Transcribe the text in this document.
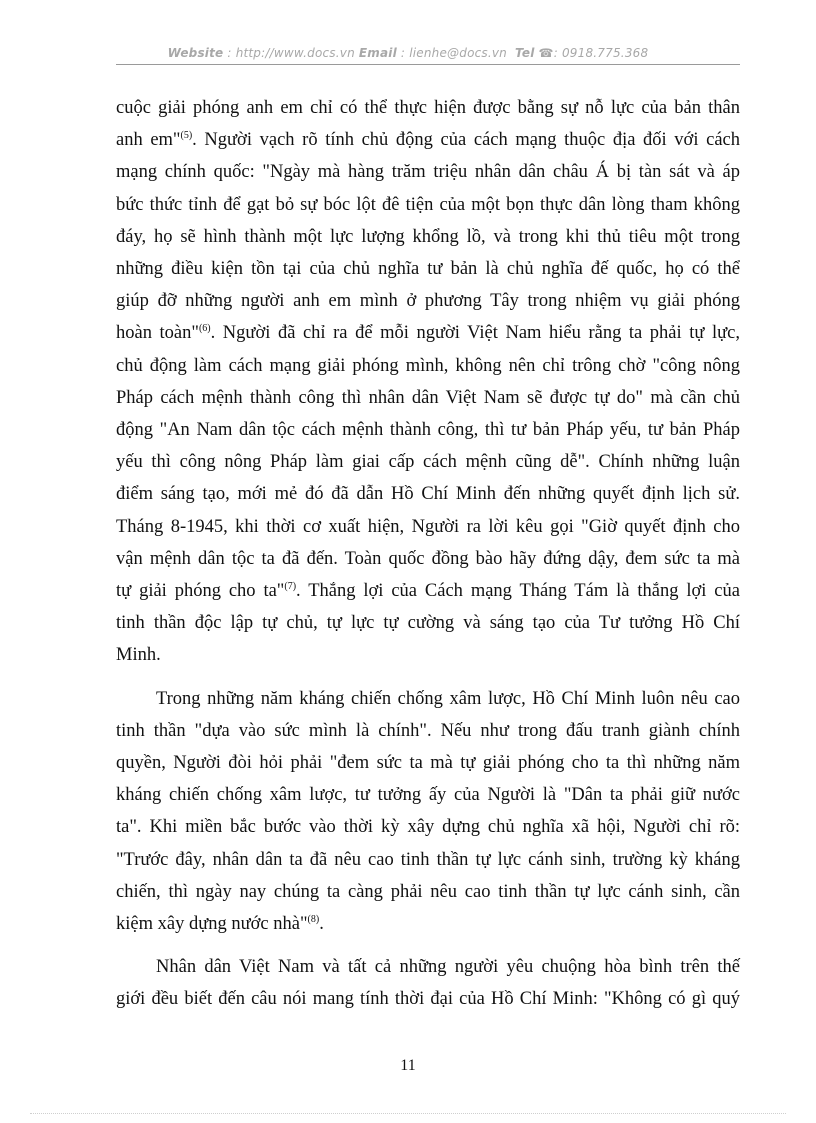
Website : http://www.docs.vn Email : lienhe@docs.vn Tel ☎: 0918.775.368

cuộc giải phóng anh em chỉ có thể thực hiện được bằng sự nỗ lực của bản thân
anh em"$^{(5)}$. Người vạch rõ tính chủ động của cách mạng thuộc địa đối với cách
mạng chính quốc: "Ngày mà hàng trăm triệu nhân dân châu Á bị tàn sát và áp
bức thức tỉnh để gạt bỏ sự bóc lột đê tiện của một bọn thực dân lòng tham không
đáy, họ sẽ hình thành một lực lượng khổng lồ, và trong khi thủ tiêu một trong
những điều kiện tồn tại của chủ nghĩa tư bản là chủ nghĩa đế quốc, họ có thể
giúp đỡ những người anh em mình ở phương Tây trong nhiệm vụ giải phóng
hoàn toàn"$^{(6)}$. Người đã chỉ ra để mỗi người Việt Nam hiểu rằng ta phải tự lực,
chủ động làm cách mạng giải phóng mình, không nên chỉ trông chờ "công nông
Pháp cách mệnh thành công thì nhân dân Việt Nam sẽ được tự do" mà cần chủ
động "An Nam dân tộc cách mệnh thành công, thì tư bản Pháp yếu, tư bản Pháp
yếu thì công nông Pháp làm giai cấp cách mệnh cũng dễ". Chính những luận
điểm sáng tạo, mới mẻ đó đã dẫn Hồ Chí Minh đến những quyết định lịch sử.
Tháng 8-1945, khi thời cơ xuất hiện, Người ra lời kêu gọi "Giờ quyết định cho
vận mệnh dân tộc ta đã đến. Toàn quốc đồng bào hãy đứng dậy, đem sức ta mà
tự giải phóng cho ta"$^{(7)}$. Thắng lợi của Cách mạng Tháng Tám là thắng lợi của
tinh thần độc lập tự chủ, tự lực tự cường và sáng tạo của Tư tưởng Hồ Chí
Minh.

Trong những năm kháng chiến chống xâm lược, Hồ Chí Minh luôn nêu cao
tinh thần "dựa vào sức mình là chính". Nếu như trong đấu tranh giành chính
quyền, Người đòi hỏi phải "đem sức ta mà tự giải phóng cho ta thì những năm
kháng chiến chống xâm lược, tư tưởng ấy của Người là "Dân ta phải giữ nước
ta". Khi miền bắc bước vào thời kỳ xây dựng chủ nghĩa xã hội, Người chỉ rõ:
"Trước đây, nhân dân ta đã nêu cao tinh thần tự lực cánh sinh, trường kỳ kháng
chiến, thì ngày nay chúng ta càng phải nêu cao tinh thần tự lực cánh sinh, cần
kiệm xây dựng nước nhà"$^{(8)}$.

Nhân dân Việt Nam và tất cả những người yêu chuộng hòa bình trên thế
giới đều biết đến câu nói mang tính thời đại của Hồ Chí Minh: "Không có gì quý

11
